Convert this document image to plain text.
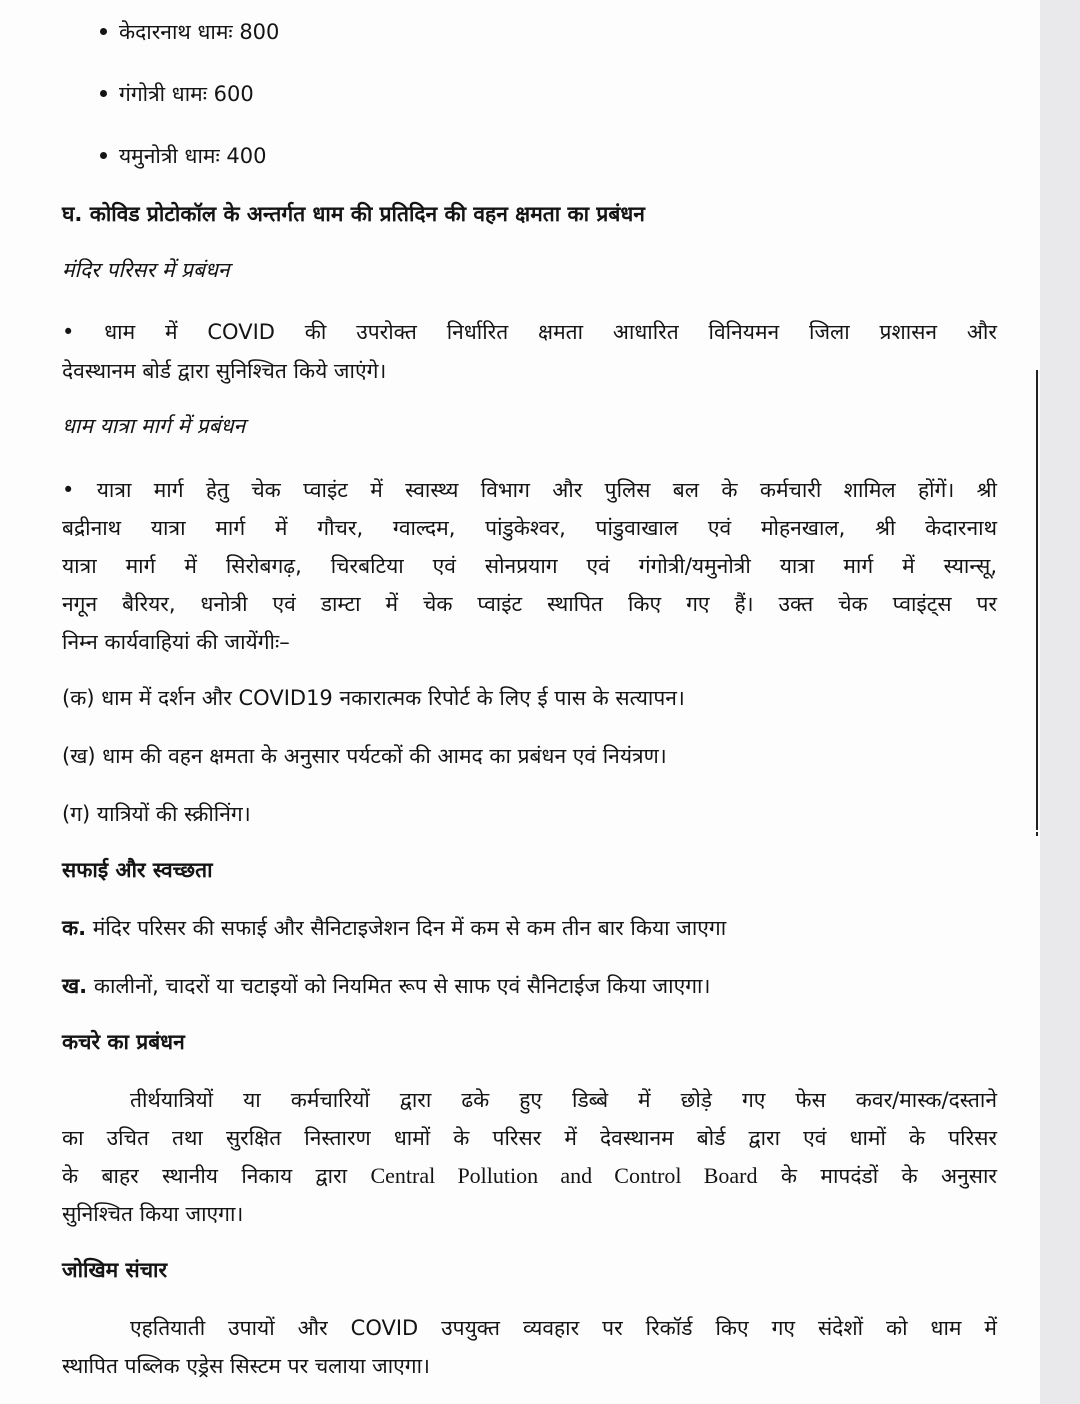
केदारनाथ धामः 800
गंगोत्री धामः 600
यमुनोत्री धामः 400
घ. कोविड प्रोटोकॉल के अन्तर्गत धाम की प्रतिदिन की वहन क्षमता का प्रबंधन
मंदिर परिसर में प्रबंधन
• धाम में COVID की उपरोक्त निर्धारित क्षमता आधारित विनियमन जिला प्रशासन और
देवस्थानम बोर्ड द्वारा सुनिश्चित किये जाएंगे।
धाम यात्रा मार्ग में प्रबंधन
• यात्रा मार्ग हेतु चेक प्वाइंट में स्वास्थ्य विभाग और पुलिस बल के कर्मचारी शामिल होंगें। श्री
बद्रीनाथ यात्रा मार्ग में गौचर, ग्वाल्दम, पांडुकेश्वर, पांडुवाखाल एवं मोहनखाल, श्री केदारनाथ
यात्रा मार्ग में सिरोबगढ़, चिरबटिया एवं सोनप्रयाग एवं गंगोत्री/यमुनोत्री यात्रा मार्ग में स्यान्सू,
नगून बैरियर, धनोत्री एवं डाम्टा में चेक प्वाइंट स्थापित किए गए हैं। उक्त चेक प्वाइंट्स पर
निम्न कार्यवाहियां की जायेंगीः–
(क) धाम में दर्शन और COVID19 नकारात्मक रिपोर्ट के लिए ई पास के सत्यापन।
(ख) धाम की वहन क्षमता के अनुसार पर्यटकों की आमद का प्रबंधन एवं नियंत्रण।
(ग) यात्रियों की स्क्रीनिंग।
सफाई और स्वच्छता
क. मंदिर परिसर की सफाई और सैनिटाइजेशन दिन में कम से कम तीन बार किया जाएगा
ख. कालीनों, चादरों या चटाइयों को नियमित रूप से साफ एवं सैनिटाईज किया जाएगा।
कचरे का प्रबंधन
तीर्थयात्रियों या कर्मचारियों द्वारा ढके हुए डिब्बे में छोड़े गए फेस कवर/मास्क/दस्ताने
का उचित तथा सुरक्षित निस्तारण धामों के परिसर में देवस्थानम बोर्ड द्वारा एवं धामों के परिसर
के बाहर स्थानीय निकाय द्वारा Central Pollution and Control Board के मापदंडों के अनुसार
सुनिश्चित किया जाएगा।
जोखिम संचार
एहतियाती उपायों और COVID उपयुक्त व्यवहार पर रिकॉर्ड किए गए संदेशों को धाम में
स्थापित पब्लिक एड्रेस सिस्टम पर चलाया जाएगा।
